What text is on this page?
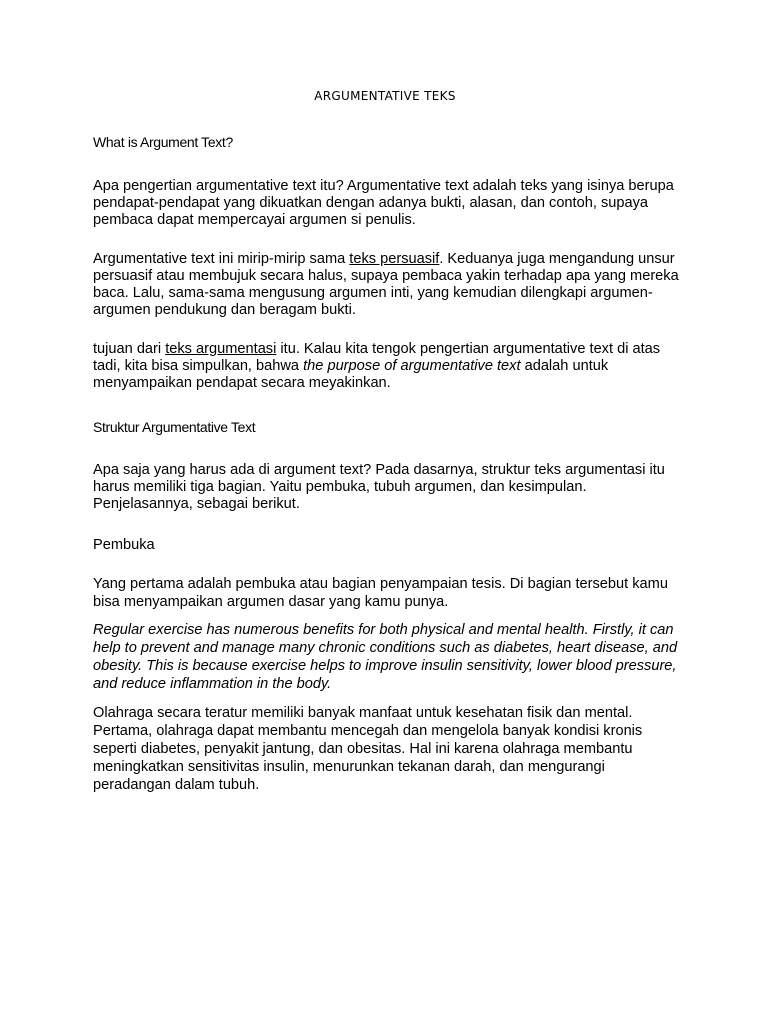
ARGUMENTATIVE TEKS
What is Argument Text?

Apa pengertian argumentative text itu? Argumentative text adalah teks yang isinya berupa pendapat-pendapat yang dikuatkan dengan adanya bukti, alasan, dan contoh, supaya pembaca dapat mempercayai argumen si penulis.

Argumentative text ini mirip-mirip sama teks persuasif. Keduanya juga mengandung unsur persuasif atau membujuk secara halus, supaya pembaca yakin terhadap apa yang mereka baca. Lalu, sama-sama mengusung argumen inti, yang kemudian dilengkapi argumen-argumen pendukung dan beragam bukti.

tujuan dari teks argumentasi itu. Kalau kita tengok pengertian argumentative text di atas tadi, kita bisa simpulkan, bahwa the purpose of argumentative text adalah untuk menyampaikan pendapat secara meyakinkan.

Struktur Argumentative Text

Apa saja yang harus ada di argument text? Pada dasarnya, struktur teks argumentasi itu harus memiliki tiga bagian. Yaitu pembuka, tubuh argumen, dan kesimpulan. Penjelasannya, sebagai berikut.

Pembuka

Yang pertama adalah pembuka atau bagian penyampaian tesis. Di bagian tersebut kamu bisa menyampaikan argumen dasar yang kamu punya.

Regular exercise has numerous benefits for both physical and mental health. Firstly, it can help to prevent and manage many chronic conditions such as diabetes, heart disease, and obesity. This is because exercise helps to improve insulin sensitivity, lower blood pressure, and reduce inflammation in the body.

Olahraga secara teratur memiliki banyak manfaat untuk kesehatan fisik dan mental. Pertama, olahraga dapat membantu mencegah dan mengelola banyak kondisi kronis seperti diabetes, penyakit jantung, dan obesitas. Hal ini karena olahraga membantu meningkatkan sensitivitas insulin, menurunkan tekanan darah, dan mengurangi peradangan dalam tubuh.
